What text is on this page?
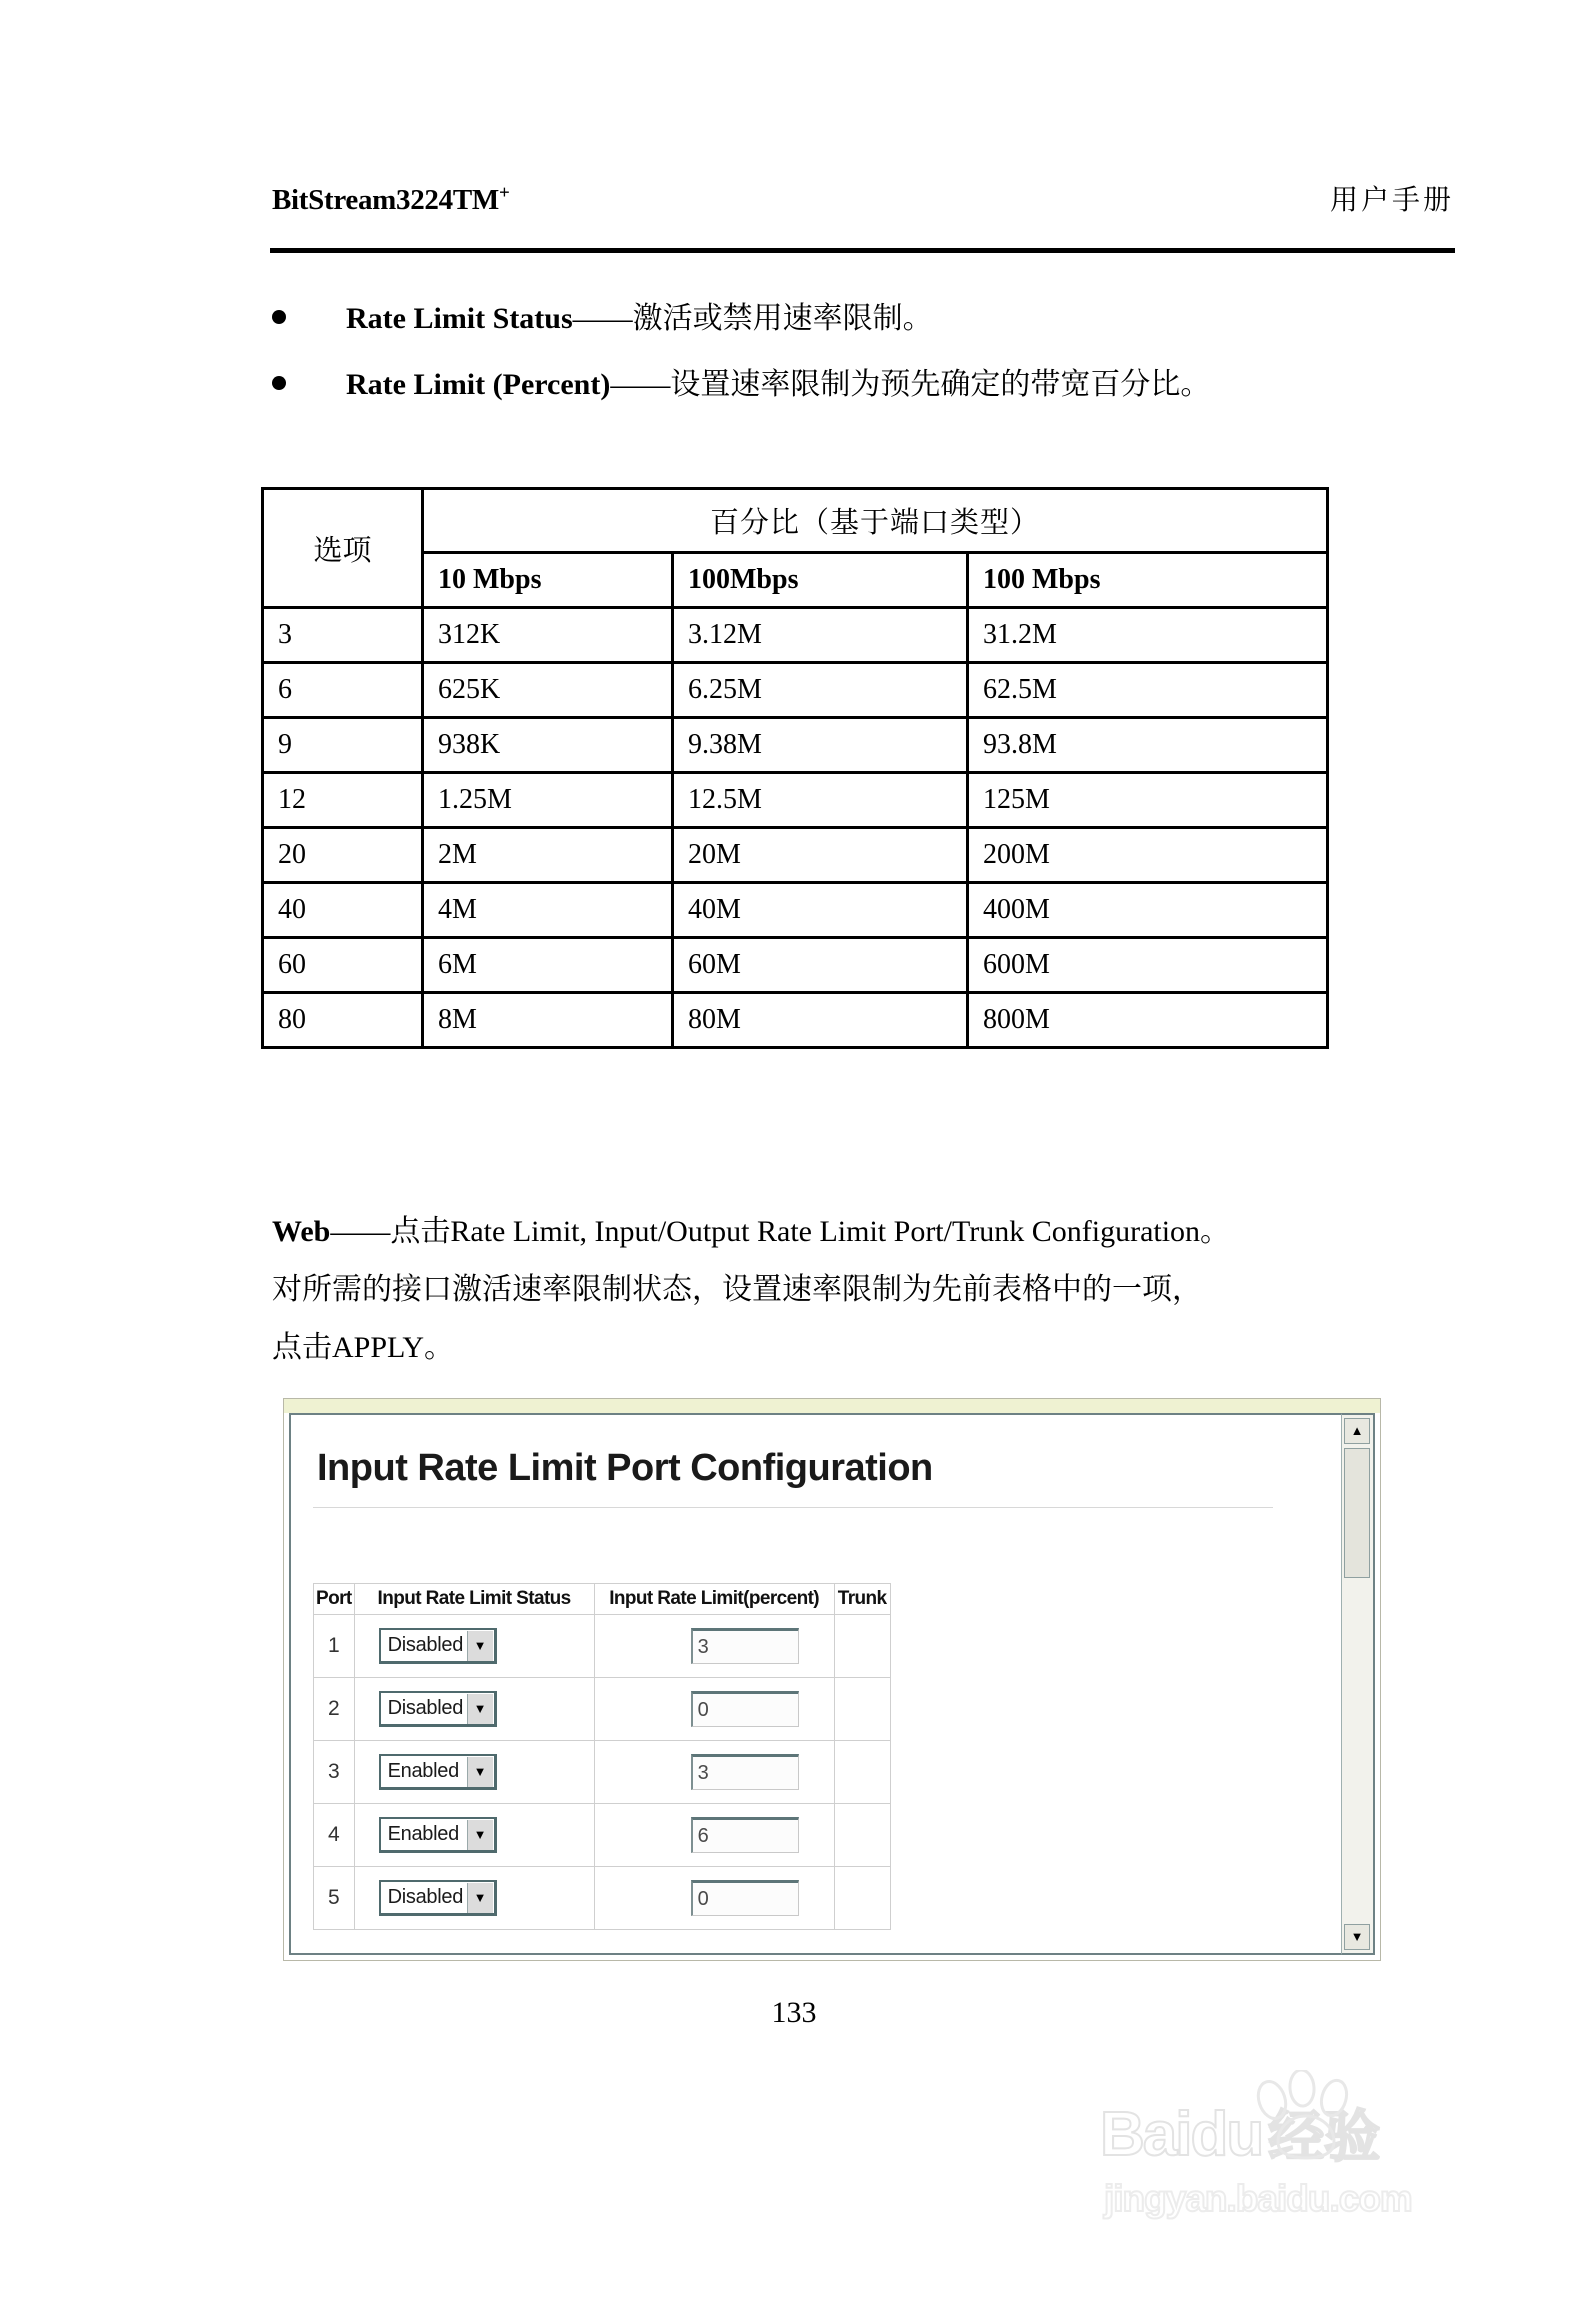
BitStream3224TM+	用户手册
Rate Limit Status——激活或禁用速率限制。
Rate Limit (Percent)——设置速率限制为预先确定的带宽百分比。
选项	百分比（基于端口类型）		
	10 Mbps	100Mbps	100 Mbps
3	312K	3.12M	31.2M
6	625K	6.25M	62.5M
9	938K	9.38M	93.8M
12	1.25M	12.5M	125M
20	2M	20M	200M
40	4M	40M	400M
60	6M	60M	600M
80	8M	80M	800M
Web——点击Rate Limit, Input/Output Rate Limit Port/Trunk Configuration。
对所需的接口激活速率限制状态，设置速率限制为先前表格中的一项，
点击APPLY。
Input Rate Limit Port Configuration
Port	Input Rate Limit Status	Input Rate Limit(percent)	Trunk
1	Disabled ▼	3	

2	Disabled ▼	0	

3	Enabled ▼	3	

4	Enabled ▼	6	

5	Disabled ▼	0	

▲
▼
133
Baidu 经验
jingyan.baidu.com
